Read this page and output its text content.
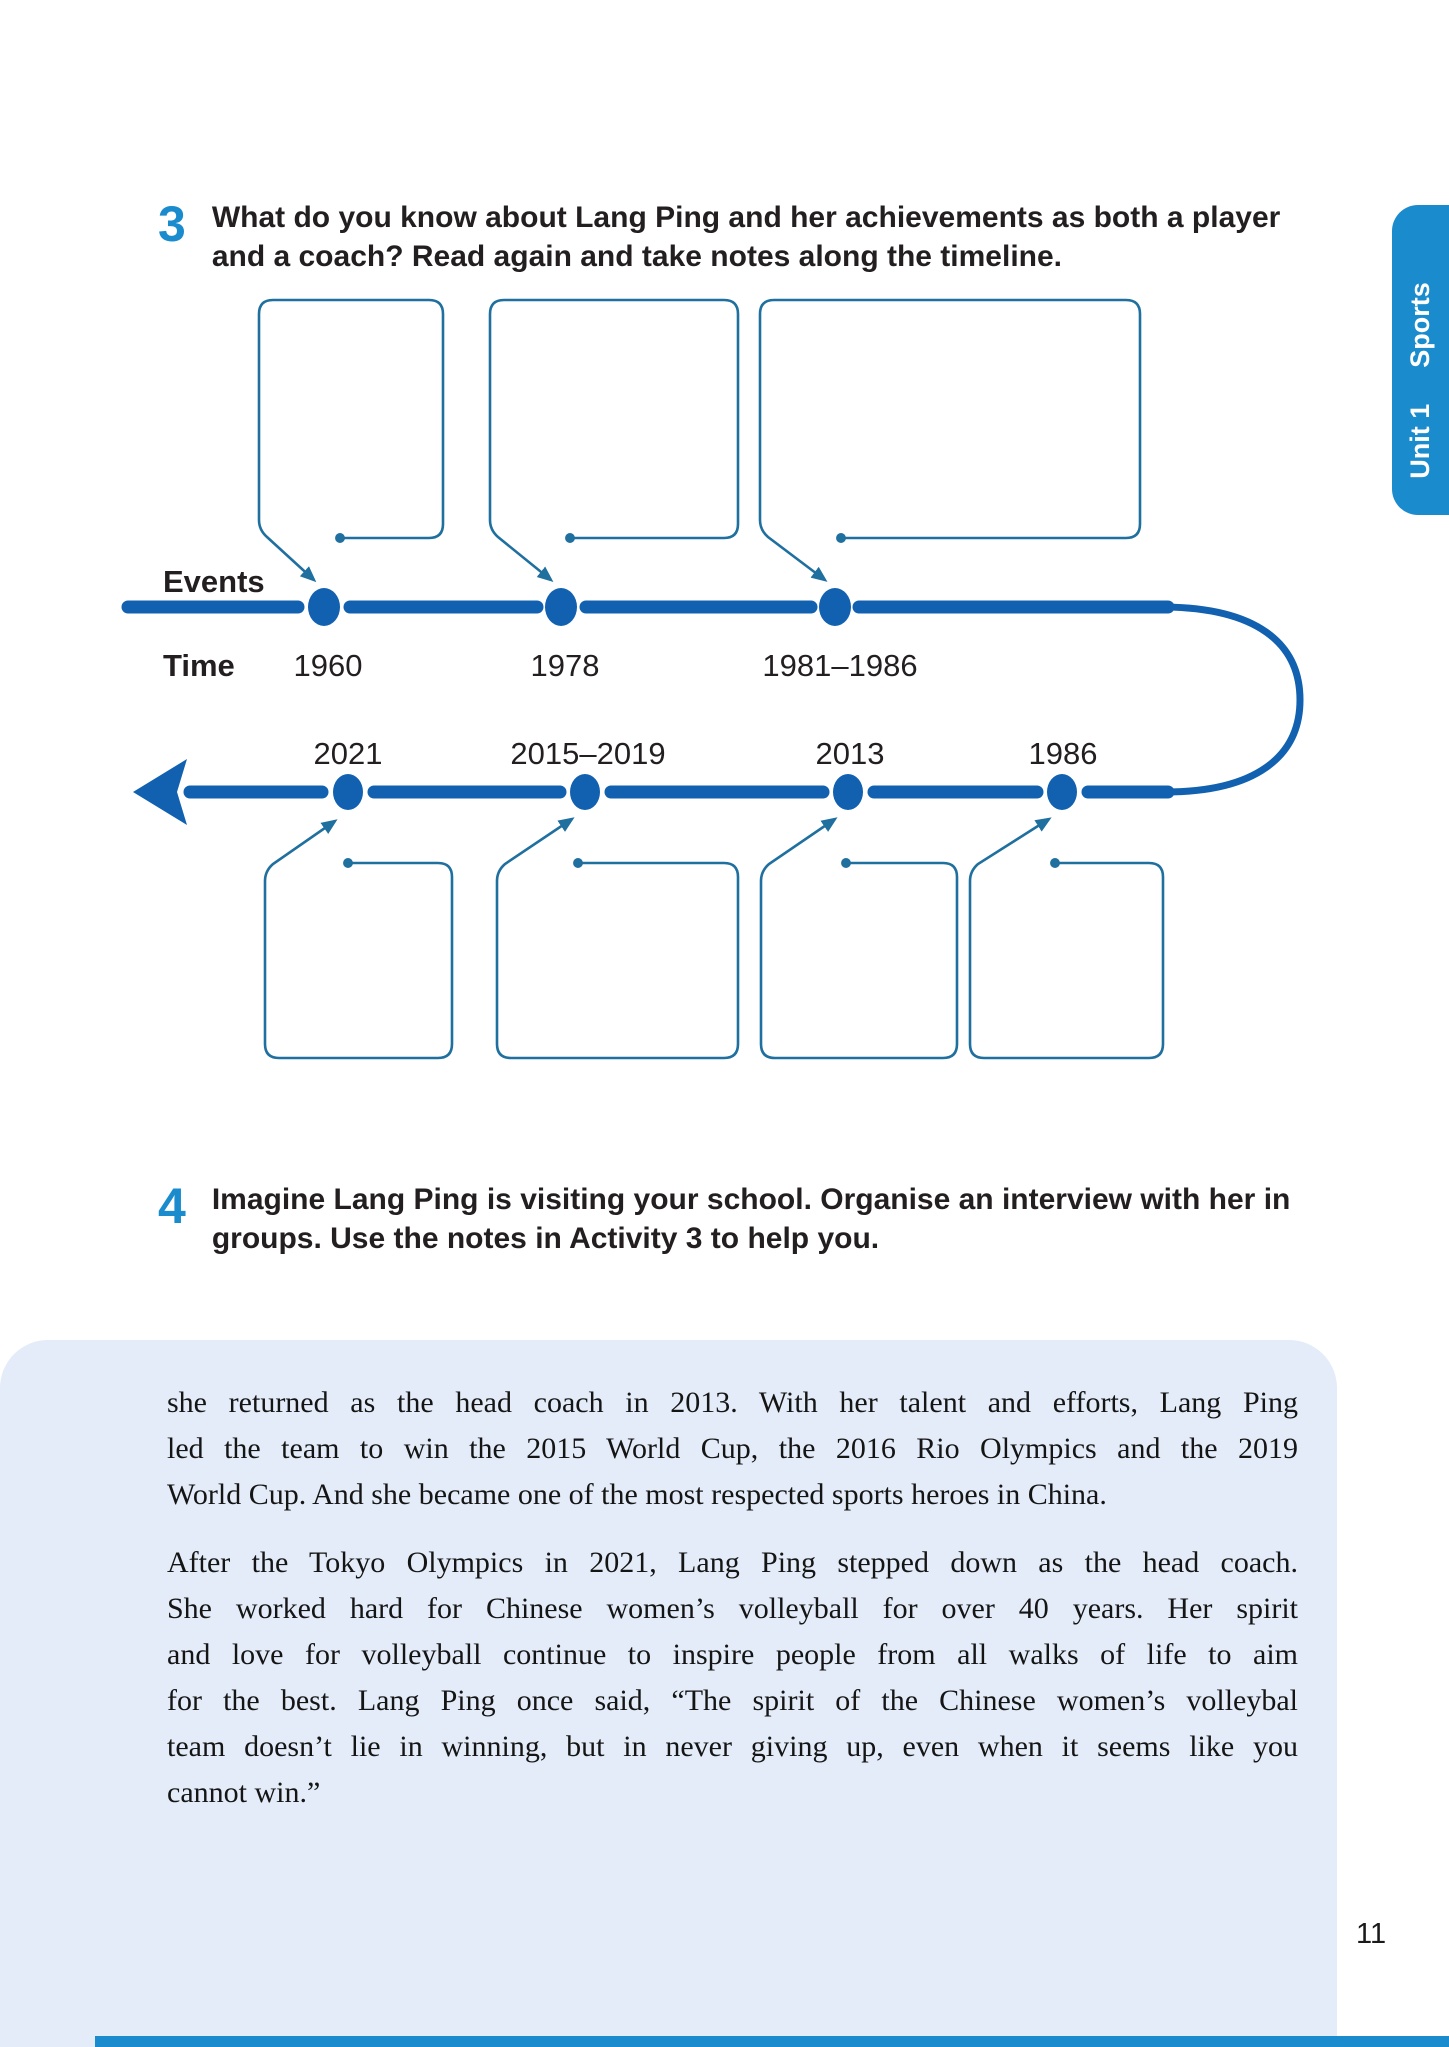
3 What do you know about Lang Ping and her achievements as both a player
and a coach? Read again and take notes along the timeline.
Events
Time 1960	1978	1981–1986
2021	2015–2019	2013	1986
4 Imagine Lang Ping is visiting your school. Organise an interview with her in
groups. Use the notes in Activity 3 to help you.
she returned as the head coach in 2013. With her talent and efforts, Lang Ping
led the team to win the 2015 World Cup, the 2016 Rio Olympics and the 2019
World Cup. And she became one of the most respected sports heroes in China.
After the Tokyo Olympics in 2021, Lang Ping stepped down as the head coach.
She worked hard for Chinese women’s volleyball for over 40 years. Her spirit
and love for volleyball continue to inspire people from all walks of life to aim
for the best. Lang Ping once said, “The spirit of the Chinese women’s volleybal
team doesn’t lie in winning, but in never giving up, even when it seems like you
cannot win.”
Unit 1
Sports
11
